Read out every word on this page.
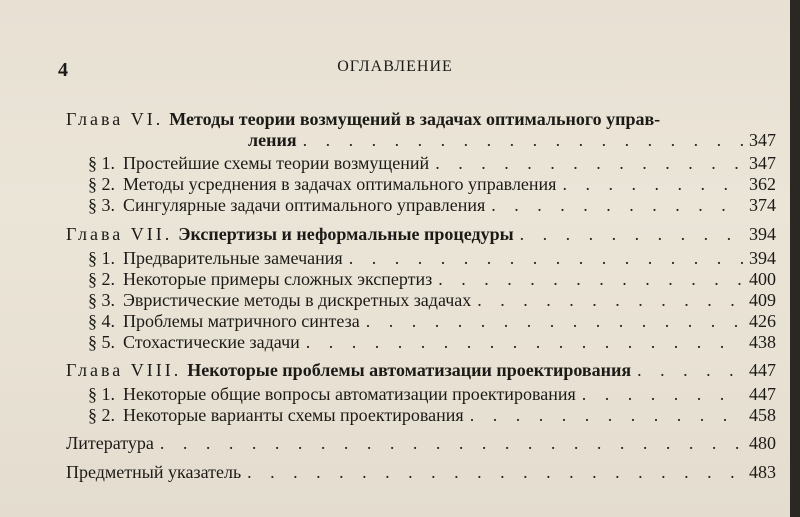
4	ОГЛАВЛЕНИЕ
Глава VI. Методы теории возмущений в задачах оптимального управ-
ления . . .	347
§ 1. Простейшие схемы теории возмущений . . .	347
§ 2. Методы усреднения в задачах оптимального управления . . .	362
§ 3. Сингулярные задачи оптимального управления . . .	374
Глава VII. Экспертизы и неформальные процедуры . . .	394
§ 1. Предварительные замечания . . .	394
§ 2. Некоторые примеры сложных экспертиз . . .	400
§ 3. Эвристические методы в дискретных задачах . . .	409
§ 4. Проблемы матричного синтеза . . .	426
§ 5. Стохастические задачи . . .	438
Глава VIII. Некоторые проблемы автоматизации проектирования . . .	447
§ 1. Некоторые общие вопросы автоматизации проектирования . . .	447
§ 2. Некоторые варианты схемы проектирования . . .	458
Литература . . .	480
Предметный указатель . . .	483
